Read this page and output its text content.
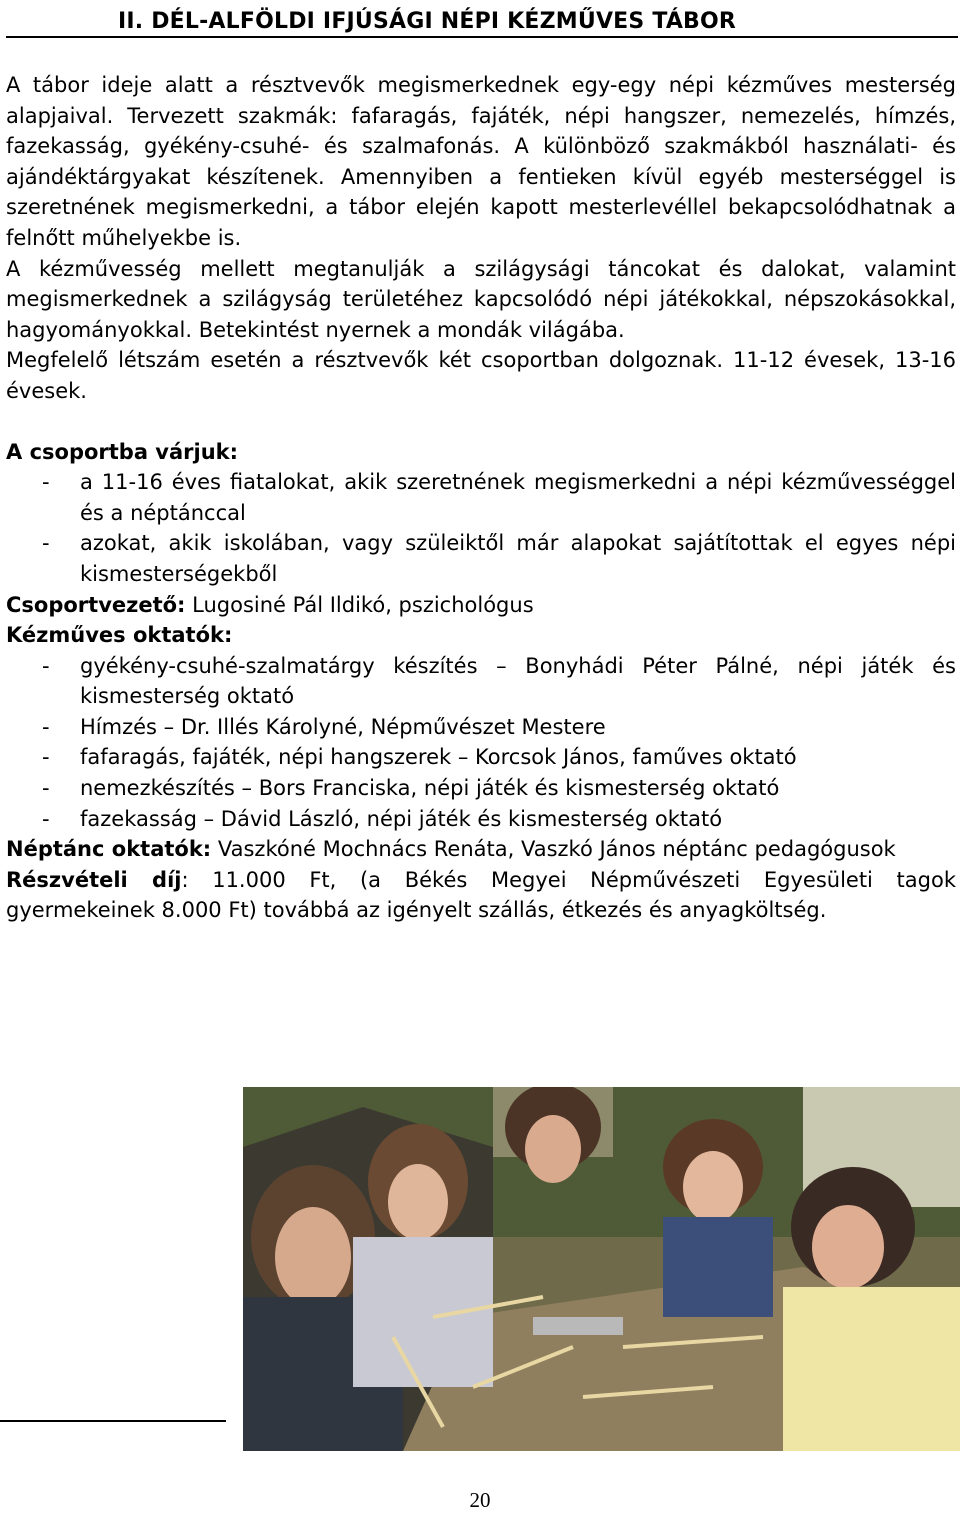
II. DÉL-ALFÖLDI IFJÚSÁGI NÉPI KÉZMŰVES TÁBOR

A tábor ideje alatt a résztvevők megismerkednek egy-egy népi kézműves mesterség alapjaival. Tervezett szakmák: fafaragás, fajáték, népi hangszer, nemezelés, hímzés, fazekasság, gyékény-csuhé- és szalmafonás. A különböző szakmákból használati- és ajándéktárgyakat készítenek. Amennyiben a fentieken kívül egyéb mesterséggel is szeretnének megismerkedni, a tábor elején kapott mesterlevéllel bekapcsolódhatnak a felnőtt műhelyekbe is.

A kézművesség mellett megtanulják a szilágysági táncokat és dalokat, valamint megismerkednek a szilágyság területéhez kapcsolódó népi játékokkal, népszokásokkal, hagyományokkal. Betekintést nyernek a mondák világába.

Megfelelő létszám esetén a résztvevők két csoportban dolgoznak. 11-12 évesek, 13-16 évesek.

A csoportba várjuk:

- a 11-16 éves fiatalokat, akik szeretnének megismerkedni a népi kézművességgel és a néptánccal
- azokat, akik iskolában, vagy szüleiktől már alapokat sajátítottak el egyes népi kismesterségekből

Csoportvezető: Lugosiné Pál Ildikó, pszichológus

Kézműves oktatók:

- gyékény-csuhé-szalmatárgy készítés – Bonyhádi Péter Pálné, népi játék és kismesterség oktató
- Hímzés – Dr. Illés Károlyné, Népművészet Mestere
- fafaragás, fajáték, népi hangszerek – Korcsok János, faműves oktató
- nemezkészítés – Bors Franciska, népi játék és kismesterség oktató
- fazekasság – Dávid László, népi játék és kismesterség oktató

Néptánc oktatók: Vaszkóné Mochnács Renáta, Vaszkó János néptánc pedagógusok

Részvételi díj: 11.000 Ft, (a Békés Megyei Népművészeti Egyesületi tagok gyermekeinek 8.000 Ft) továbbá az igényelt szállás, étkezés és anyagköltség.

20
